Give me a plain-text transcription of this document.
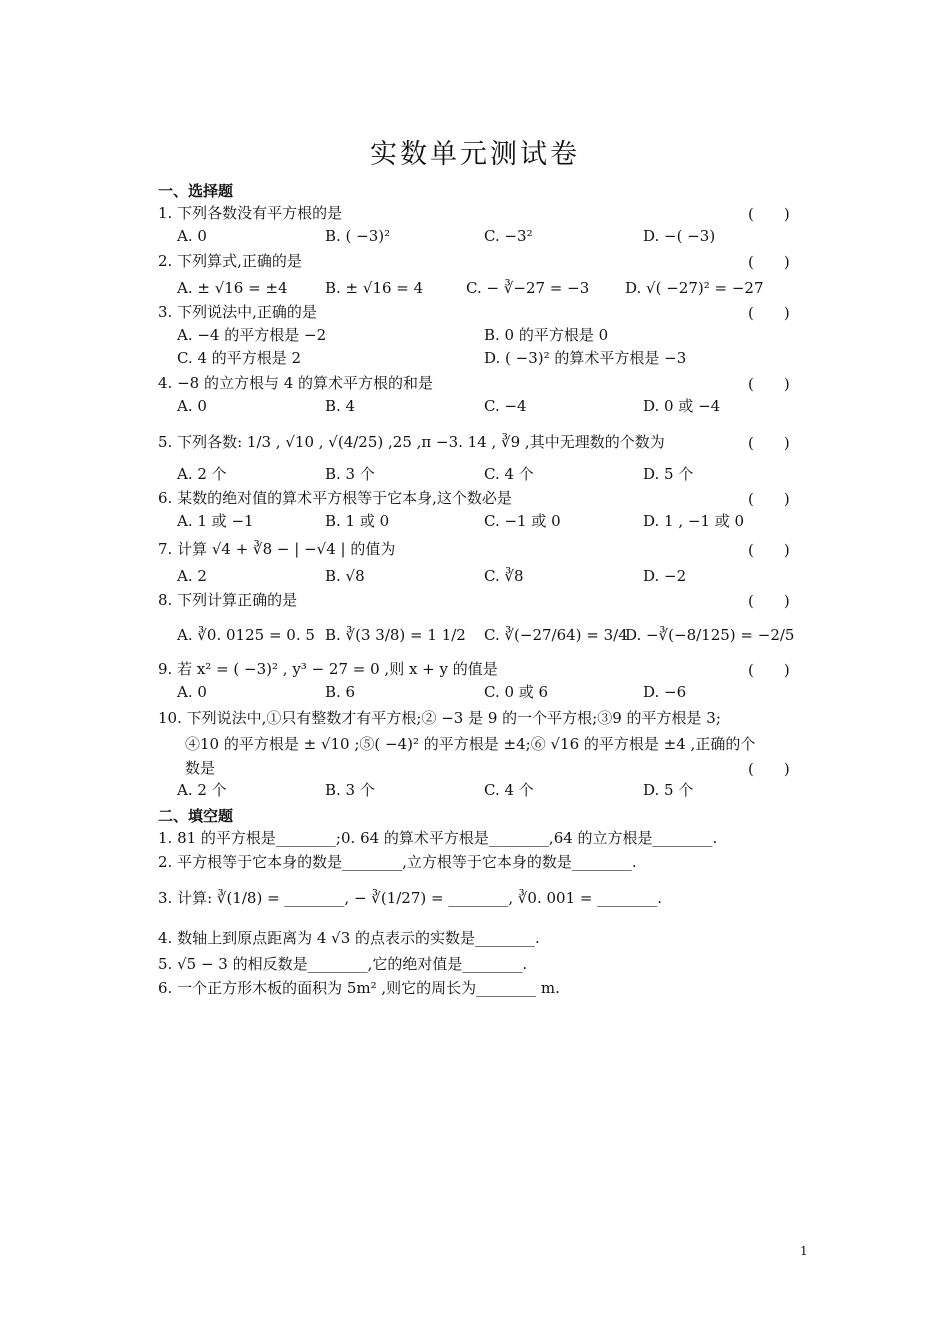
实数单元测试卷
一、选择题
1. 下列各数没有平方根的是	(　　)
A. 0	B. ( −3)²	C. −3²	D. −( −3)
2. 下列算式,正确的是	(　　)
A. ± √16 = ±4 B. ± √16 = 4	C. − ∛−27 = −3 D. √( −27)² = −27
3. 下列说法中,正确的是	(　　)
A. −4 的平方根是 −2	B. 0 的平方根是 0
C. 4 的平方根是 2	D. ( −3)² 的算术平方根是 −3
4. −8 的立方根与 4 的算术平方根的和是	(　　)
A. 0	B. 4	C. −4	D. 0 或 −4
5. 下列各数: 1/3 , √10 , √(4/25) ,25 ,π −3. 14 , ∛9 ,其中无理数的个数为	(　　)
A. 2 个	B. 3 个	C. 4 个	D. 5 个
6. 某数的绝对值的算术平方根等于它本身,这个数必是	(　　)
A. 1 或 −1	B. 1 或 0	C. −1 或 0	D. 1 , −1 或 0
7. 计算 √4 + ∛8 − | −√4 | 的值为	(　　)
A. 2	B. √8	C. ∛8	D. −2
8. 下列计算正确的是	(　　)
A. ∛0. 0125 = 0. 5 B. ∛(3 3/8) = 1 1/2 C. ∛(−27/64) = 3/4
D. −∛(−8/125) = −2/5
9. 若 x² = ( −3)² , y³ − 27 = 0 ,则 x + y 的值是	(　　)
A. 0	B. 6	C. 0 或 6	D. −6
10. 下列说法中,①只有整数才有平方根;② −3 是 9 的一个平方根;③9 的平方根是 3;
④10 的平方根是 ± √10 ;⑤( −4)² 的平方根是 ±4;⑥ √16 的平方根是 ±4 ,正确的个
数是	(　　)
A. 2 个	B. 3 个	C. 4 个	D. 5 个
二、填空题
1. 81 的平方根是________;0. 64 的算术平方根是________,64 的立方根是________.
2. 平方根等于它本身的数是________,立方根等于它本身的数是________.
3. 计算: ∛(1/8) = ________, − ∛(1/27) = ________, ∛0. 001 = ________.
4. 数轴上到原点距离为 4 √3 的点表示的实数是________.
5. √5 − 3 的相反数是________,它的绝对值是________.
6. 一个正方形木板的面积为 5m² ,则它的周长为________ m.
1
